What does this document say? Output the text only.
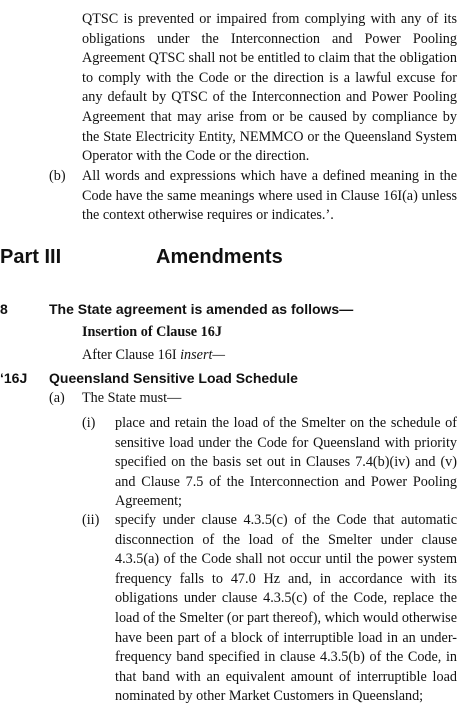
QTSC is prevented or impaired from complying with any of its obligations under the Interconnection and Power Pooling Agreement QTSC shall not be entitled to claim that the obligation to comply with the Code or the direction is a lawful excuse for any default by QTSC of the Interconnection and Power Pooling Agreement that may arise from or be caused by compliance by the State Electricity Entity, NEMMCO or the Queensland System Operator with the Code or the direction.
(b) All words and expressions which have a defined meaning in the Code have the same meanings where used in Clause 16I(a) unless the context otherwise requires or indicates.’.
Part III	Amendments
8	The State agreement is amended as follows—
Insertion of Clause 16J
After Clause 16I insert—
‘16J Queensland Sensitive Load Schedule
(a) The State must—
(i) place and retain the load of the Smelter on the schedule of sensitive load under the Code for Queensland with priority specified on the basis set out in Clauses 7.4(b)(iv) and (v) and Clause 7.5 of the Interconnection and Power Pooling Agreement;
(ii) specify under clause 4.3.5(c) of the Code that automatic disconnection of the load of the Smelter under clause 4.3.5(a) of the Code shall not occur until the power system frequency falls to 47.0 Hz and, in accordance with its obligations under clause 4.3.5(c) of the Code, replace the load of the Smelter (or part thereof), which would otherwise have been part of a block of interruptible load in an under-frequency band specified in clause 4.3.5(b) of the Code, in that band with an equivalent amount of interruptible load nominated by other Market Customers in Queensland;
